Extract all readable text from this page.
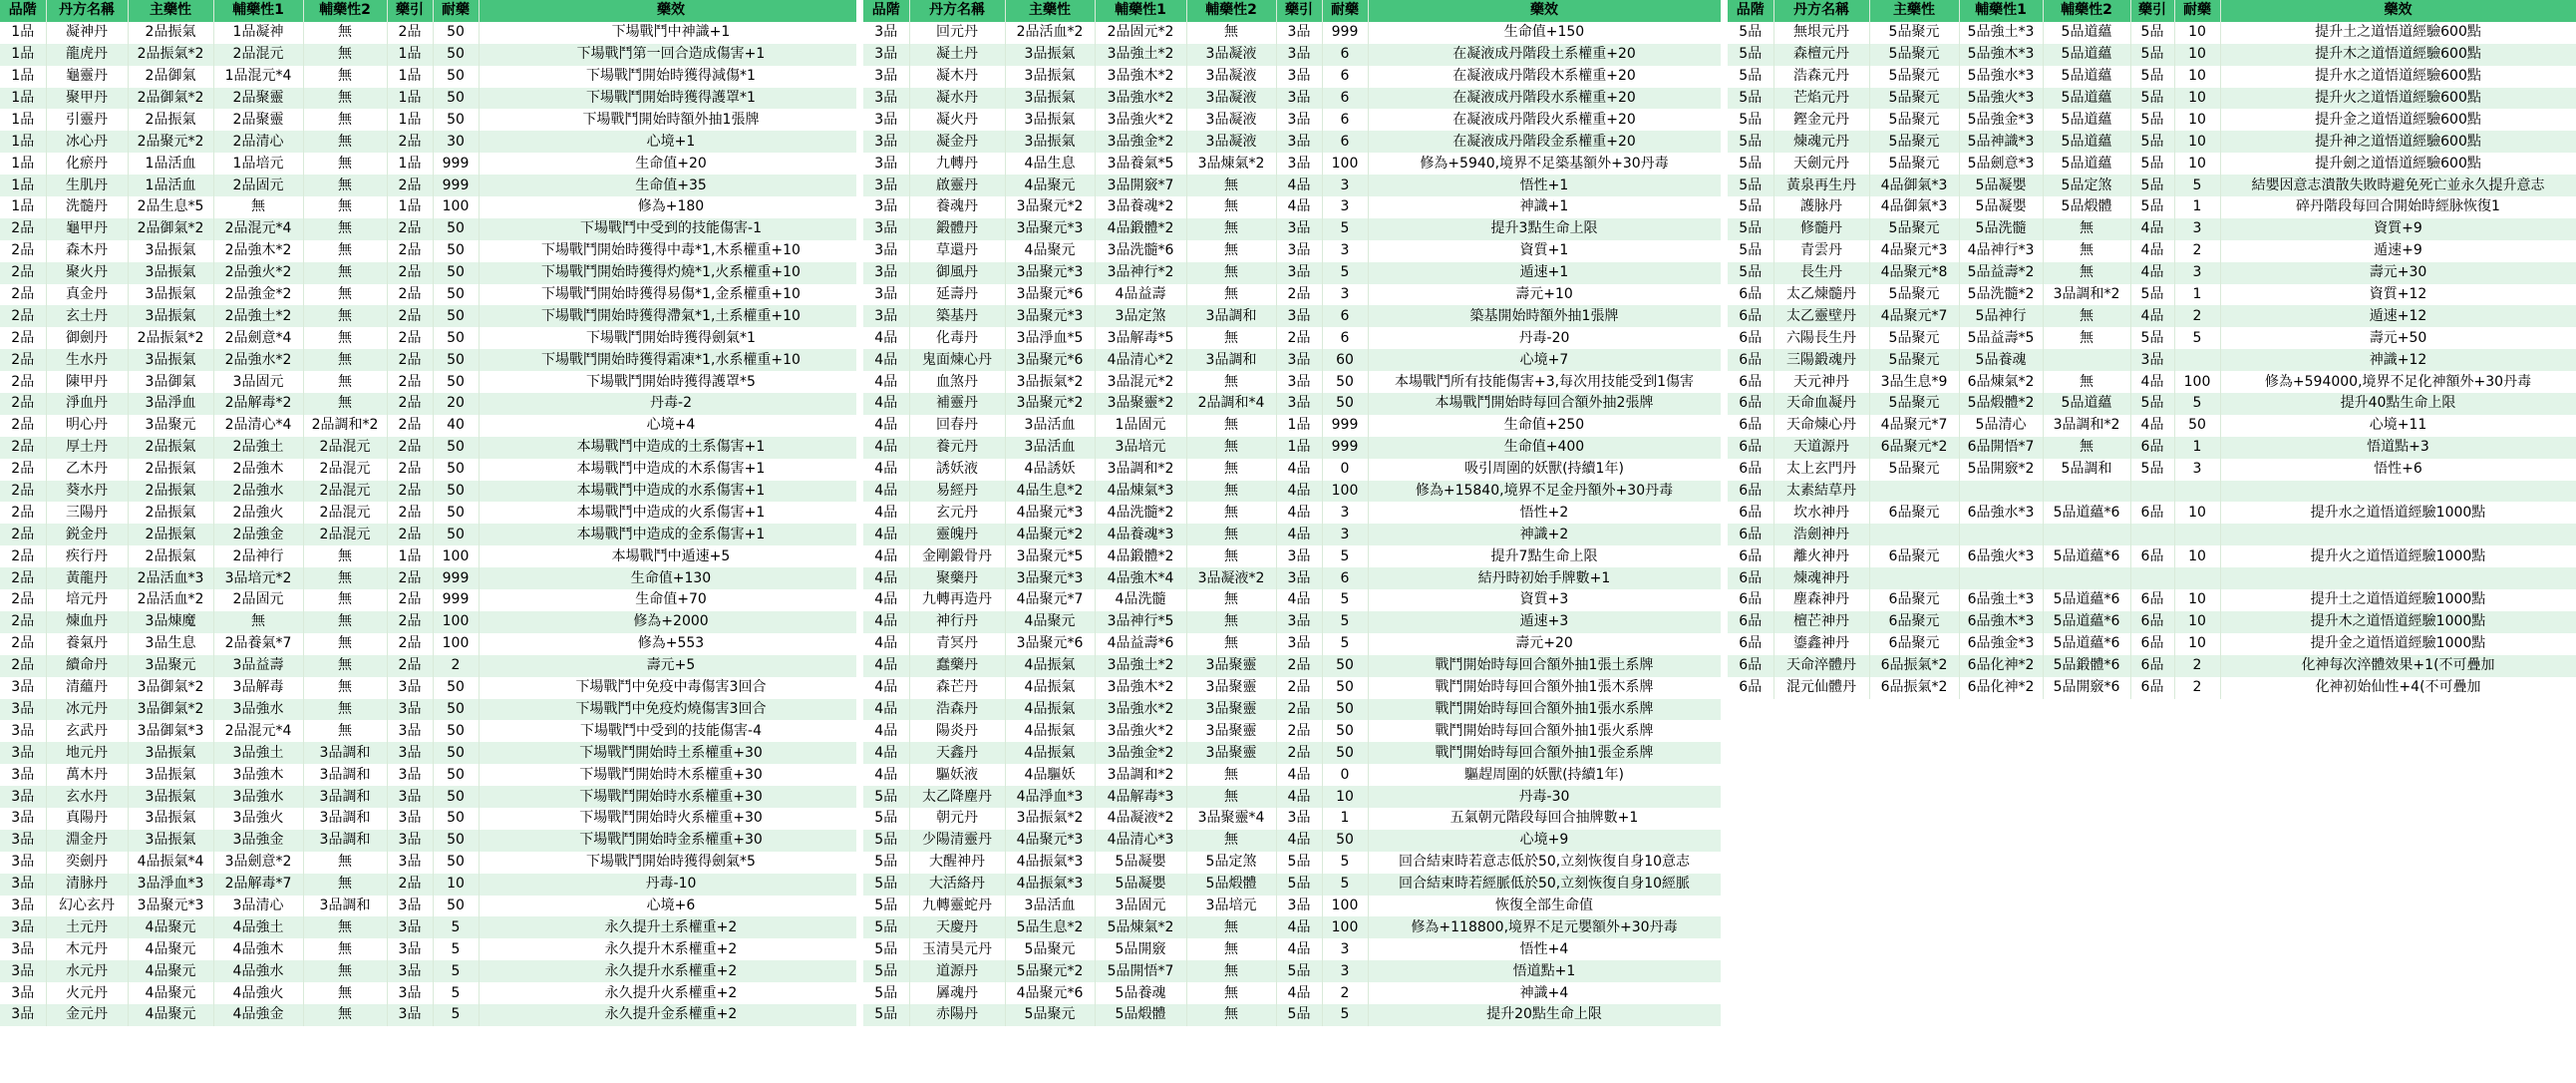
品階	丹方名稱	主藥性	輔藥性1	輔藥性2	藥引	耐藥	藥效
1品	凝神丹	2品振氣	1品凝神	無	2品	50	下場戰鬥中神識+1
1品	龍虎丹	2品振氣*2	2品混元	無	1品	50	下場戰鬥第一回合造成傷害+1
1品	龜靈丹	2品御氣	1品混元*4	無	1品	50	下場戰鬥開始時獲得減傷*1
1品	聚甲丹	2品御氣*2	2品聚靈	無	1品	50	下場戰鬥開始時獲得護罩*1
1品	引靈丹	2品振氣	2品聚靈	無	1品	50	下場戰鬥開始時額外抽1張牌
1品	冰心丹	2品聚元*2	2品清心	無	2品	30	心境+1
1品	化瘀丹	1品活血	1品培元	無	1品	999	生命值+20
1品	生肌丹	1品活血	2品固元	無	2品	999	生命值+35
1品	洗髓丹	2品生息*5	無	無	1品	100	修為+180
2品	龜甲丹	2品御氣*2	2品混元*4	無	2品	50	下場戰鬥中受到的技能傷害-1
2品	森木丹	3品振氣	2品強木*2	無	2品	50	下場戰鬥開始時獲得中毒*1,木系權重+10
2品	聚火丹	3品振氣	2品強火*2	無	2品	50	下場戰鬥開始時獲得灼燒*1,火系權重+10
2品	真金丹	3品振氣	2品強金*2	無	2品	50	下場戰鬥開始時獲得易傷*1,金系權重+10
2品	玄土丹	3品振氣	2品強土*2	無	2品	50	下場戰鬥開始時獲得滯氣*1,土系權重+10
2品	御劍丹	2品振氣*2	2品劍意*4	無	2品	50	下場戰鬥開始時獲得劍氣*1
2品	生水丹	3品振氣	2品強水*2	無	2品	50	下場戰鬥開始時獲得霜凍*1,水系權重+10
2品	陳甲丹	3品御氣	3品固元	無	2品	50	下場戰鬥開始時獲得護罩*5
2品	淨血丹	3品淨血	2品解毒*2	無	2品	20	丹毒-2
2品	明心丹	3品聚元	2品清心*4	2品調和*2	2品	40	心境+4
2品	厚土丹	2品振氣	2品強土	2品混元	2品	50	本場戰鬥中造成的土系傷害+1
2品	乙木丹	2品振氣	2品強木	2品混元	2品	50	本場戰鬥中造成的木系傷害+1
2品	葵水丹	2品振氣	2品強水	2品混元	2品	50	本場戰鬥中造成的水系傷害+1
2品	三陽丹	2品振氣	2品強火	2品混元	2品	50	本場戰鬥中造成的火系傷害+1
2品	鋭金丹	2品振氣	2品強金	2品混元	2品	50	本場戰鬥中造成的金系傷害+1
2品	疾行丹	2品振氣	2品神行	無	1品	100	本場戰鬥中遁速+5
2品	黃龍丹	2品活血*3	3品培元*2	無	2品	999	生命值+130
2品	培元丹	2品活血*2	2品固元	無	2品	999	生命值+70
2品	煉血丹	3品煉魔	無	無	2品	100	修為+2000
2品	養氣丹	3品生息	2品養氣*7	無	2品	100	修為+553
2品	續命丹	3品聚元	3品益壽	無	2品	2	壽元+5
3品	清蘊丹	3品御氣*2	3品解毒	無	3品	50	下場戰鬥中免疫中毒傷害3回合
3品	冰元丹	3品御氣*2	3品強水	無	3品	50	下場戰鬥中免疫灼燒傷害3回合
3品	玄武丹	3品御氣*3	2品混元*4	無	3品	50	下場戰鬥中受到的技能傷害-4
3品	地元丹	3品振氣	3品強土	3品調和	3品	50	下場戰鬥開始時土系權重+30
3品	萬木丹	3品振氣	3品強木	3品調和	3品	50	下場戰鬥開始時木系權重+30
3品	玄水丹	3品振氣	3品強水	3品調和	3品	50	下場戰鬥開始時水系權重+30
3品	真陽丹	3品振氣	3品強火	3品調和	3品	50	下場戰鬥開始時火系權重+30
3品	淵金丹	3品振氣	3品強金	3品調和	3品	50	下場戰鬥開始時金系權重+30
3品	奕劍丹	4品振氣*4	3品劍意*2	無	3品	50	下場戰鬥開始時獲得劍氣*5
3品	清脉丹	3品淨血*3	2品解毒*7	無	2品	10	丹毒-10
3品	幻心玄丹	3品聚元*3	3品清心	3品調和	3品	50	心境+6
3品	土元丹	4品聚元	4品強土	無	3品	5	永久提升土系權重+2
3品	木元丹	4品聚元	4品強木	無	3品	5	永久提升木系權重+2
3品	水元丹	4品聚元	4品強水	無	3品	5	永久提升水系權重+2
3品	火元丹	4品聚元	4品強火	無	3品	5	永久提升火系權重+2
3品	金元丹	4品聚元	4品強金	無	3品	5	永久提升金系權重+2
品階	丹方名稱	主藥性	輔藥性1	輔藥性2	藥引	耐藥	藥效
3品	回元丹	2品活血*2	2品固元*2	無	3品	999	生命值+150
3品	凝土丹	3品振氣	3品強土*2	3品凝液	3品	6	在凝液成丹階段土系權重+20
3品	凝木丹	3品振氣	3品強木*2	3品凝液	3品	6	在凝液成丹階段木系權重+20
3品	凝水丹	3品振氣	3品強水*2	3品凝液	3品	6	在凝液成丹階段水系權重+20
3品	凝火丹	3品振氣	3品強火*2	3品凝液	3品	6	在凝液成丹階段火系權重+20
3品	凝金丹	3品振氣	3品強金*2	3品凝液	3品	6	在凝液成丹階段金系權重+20
3品	九轉丹	4品生息	3品養氣*5	3品煉氣*2	3品	100	修為+5940,境界不足築基額外+30丹毒
3品	啟靈丹	4品聚元	3品開竅*7	無	4品	3	悟性+1
3品	養魂丹	3品聚元*2	3品養魂*2	無	4品	3	神識+1
3品	鍛體丹	3品聚元*3	4品鍛體*2	無	3品	5	提升3點生命上限
3品	草還丹	4品聚元	3品洗髓*6	無	3品	3	資質+1
3品	御風丹	3品聚元*3	3品神行*2	無	3品	5	遁速+1
3品	延壽丹	3品聚元*6	4品益壽	無	2品	3	壽元+10
3品	築基丹	3品聚元*3	3品定煞	3品調和	3品	6	築基開始時額外抽1張牌
4品	化毒丹	3品淨血*5	3品解毒*5	無	2品	6	丹毒-20
4品	鬼面煉心丹	3品聚元*6	4品清心*2	3品調和	3品	60	心境+7
4品	血煞丹	3品振氣*2	3品混元*2	無	3品	50	本場戰鬥所有技能傷害+3,每次用技能受到1傷害
4品	補靈丹	3品聚元*2	3品聚靈*2	2品調和*4	3品	50	本場戰鬥開始時每回合額外抽2張牌
4品	回春丹	3品活血	1品固元	無	1品	999	生命值+250
4品	養元丹	3品活血	3品培元	無	1品	999	生命值+400
4品	誘妖液	4品誘妖	3品調和*2	無	4品	0	吸引周圍的妖獸(持續1年)
4品	易經丹	4品生息*2	4品煉氣*3	無	4品	100	修為+15840,境界不足金丹額外+30丹毒
4品	玄元丹	4品聚元*3	4品洗髓*2	無	4品	3	悟性+2
4品	靈魄丹	4品聚元*2	4品養魂*3	無	4品	3	神識+2
4品	金剛鍛骨丹	3品聚元*5	4品鍛體*2	無	3品	5	提升7點生命上限
4品	聚藥丹	3品聚元*3	4品強木*4	3品凝液*2	3品	6	結丹時初始手牌數+1
4品	九轉再造丹	4品聚元*7	4品洗髓	無	4品	5	資質+3
4品	神行丹	4品聚元	3品神行*5	無	3品	5	遁速+3
4品	青冥丹	3品聚元*6	4品益壽*6	無	3品	5	壽元+20
4品	蠢藥丹	4品振氣	3品強土*2	3品聚靈	2品	50	戰鬥開始時每回合額外抽1張土系牌
4品	森芒丹	4品振氣	3品強木*2	3品聚靈	2品	50	戰鬥開始時每回合額外抽1張木系牌
4品	浩森丹	4品振氣	3品強水*2	3品聚靈	2品	50	戰鬥開始時每回合額外抽1張水系牌
4品	陽炎丹	4品振氣	3品強火*2	3品聚靈	2品	50	戰鬥開始時每回合額外抽1張火系牌
4品	天鑫丹	4品振氣	3品強金*2	3品聚靈	2品	50	戰鬥開始時每回合額外抽1張金系牌
4品	驅妖液	4品驅妖	3品調和*2	無	4品	0	驅趕周圍的妖獸(持續1年)
5品	太乙降塵丹	4品淨血*3	4品解毒*3	無	4品	10	丹毒-30
5品	朝元丹	3品振氣*2	4品凝液*2	3品聚靈*4	3品	1	五氣朝元階段每回合抽牌數+1
5品	少陽清靈丹	4品聚元*3	4品清心*3	無	4品	50	心境+9
5品	大醒神丹	4品振氣*3	5品凝嬰	5品定煞	5品	5	回合結束時若意志低於50,立刻恢復自身10意志
5品	大活絡丹	4品振氣*3	5品凝嬰	5品煅體	5品	5	回合結束時若經脈低於50,立刻恢復自身10經脈
5品	九轉靈蛇丹	3品活血	3品固元	3品培元	3品	100	恢復全部生命值
5品	天慶丹	5品生息*2	5品煉氣*2	無	4品	100	修為+118800,境界不足元嬰額外+30丹毒
5品	玉清昊元丹	5品聚元	5品開竅	無	4品	3	悟性+4
5品	道源丹	5品聚元*2	5品開悟*7	無	5品	3	悟道點+1
5品	羼魂丹	4品聚元*6	5品養魂	無	4品	2	神識+4
5品	赤陽丹	5品聚元	5品煅體	無	5品	5	提升20點生命上限
品階	丹方名稱	主藥性	輔藥性1	輔藥性2	藥引	耐藥	藥效
5品	無垠元丹	5品聚元	5品強土*3	5品道蘊	5品	10	提升土之道悟道經驗600點
5品	森檀元丹	5品聚元	5品強木*3	5品道蘊	5品	10	提升木之道悟道經驗600點
5品	浩森元丹	5品聚元	5品強水*3	5品道蘊	5品	10	提升水之道悟道經驗600點
5品	芒焰元丹	5品聚元	5品強火*3	5品道蘊	5品	10	提升火之道悟道經驗600點
5品	鏗金元丹	5品聚元	5品強金*3	5品道蘊	5品	10	提升金之道悟道經驗600點
5品	煉魂元丹	5品聚元	5品神識*3	5品道蘊	5品	10	提升神之道悟道經驗600點
5品	天劍元丹	5品聚元	5品劍意*3	5品道蘊	5品	10	提升劍之道悟道經驗600點
5品	黃泉再生丹	4品御氣*3	5品凝嬰	5品定煞	5品	5	結嬰因意志潰散失敗時避免死亡並永久提升意志
5品	護脉丹	4品御氣*3	5品凝嬰	5品煅體	5品	1	碎丹階段每回合開始時經脉恢復1
5品	修髓丹	5品聚元	5品洗髓	無	4品	3	資質+9
5品	青雲丹	4品聚元*3	4品神行*3	無	4品	2	遁速+9
5品	長生丹	4品聚元*8	5品益壽*2	無	4品	3	壽元+30
6品	太乙煉髓丹	5品聚元	5品洗髓*2	3品調和*2	5品	1	資質+12
6品	太乙靈壁丹	4品聚元*7	5品神行	無	4品	2	遁速+12
6品	六陽長生丹	5品聚元	5品益壽*5	無	5品	5	壽元+50
6品	三陽鍛魂丹	5品聚元	5品養魂		3品		神識+12
6品	天元神丹	3品生息*9	6品煉氣*2	無	4品	100	修為+594000,境界不足化神額外+30丹毒
6品	天命血凝丹	5品聚元	5品煅體*2	5品道蘊	5品	5	提升40點生命上限
6品	天命煉心丹	4品聚元*7	5品清心	3品調和*2	4品	50	心境+11
6品	天道源丹	6品聚元*2	6品開悟*7	無	6品	1	悟道點+3
6品	太上玄門丹	5品聚元	5品開竅*2	5品調和	5品	3	悟性+6
6品	太素結草丹						
6品	坎水神丹	6品聚元	6品強水*3	5品道蘊*6	6品	10	提升水之道悟道經驗1000點
6品	浩劍神丹						
6品	離火神丹	6品聚元	6品強火*3	5品道蘊*6	6品	10	提升火之道悟道經驗1000點
6品	煉魂神丹						
6品	塵森神丹	6品聚元	6品強土*3	5品道蘊*6	6品	10	提升土之道悟道經驗1000點
6品	檀芒神丹	6品聚元	6品強木*3	5品道蘊*6	6品	10	提升木之道悟道經驗1000點
6品	鎏鑫神丹	6品聚元	6品強金*3	5品道蘊*6	6品	10	提升金之道悟道經驗1000點
6品	天命淬體丹	6品振氣*2	6品化神*2	5品鍛體*6	6品	2	化神每次淬體效果+1(不可疊加
6品	混元仙體丹	6品振氣*2	6品化神*2	5品開竅*6	6品	2	化神初始仙性+4(不可疊加
